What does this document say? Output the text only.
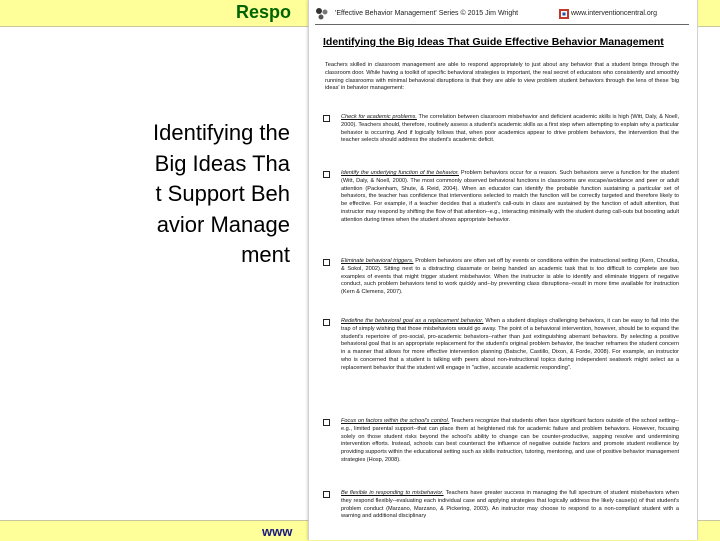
Respo
Identifying the Big Ideas That Support Behavior Management
www
'Effective Behavior Management' Series © 2015 Jim Wright	www.interventioncentral.org
Identifying the Big Ideas That Guide Effective Behavior Management
Teachers skilled in classroom management are able to respond appropriately to just about any behavior that a student brings through the classroom door. While having a toolkit of specific behavioral strategies is important, the real secret of educators who consistently and smoothly running classrooms with minimal behavioral disruptions is that they are able to view problem student behaviors through the lens of these 'big ideas' in behavior management:
Check for academic problems. The correlation between classroom misbehavior and deficient academic skills is high (Witt, Daly, & Noell, 2000). Teachers should, therefore, routinely assess a student's academic skills as a first step when attempting to explain why a particular behavior is occurring. And if logically follows that, when poor academics appear to drive problem behaviors, the intervention that the teacher selects should address the student's academic deficit.
Identify the underlying function of the behavior. Problem behaviors occur for a reason. Such behaviors serve a function for the student (Witt, Daly, & Noell, 2000). The most commonly observed behavioral functions in classrooms are escape/avoidance and peer or adult attention (Packenham, Shute, & Reid, 2004). When an educator can identify the probable function sustaining a particular set of behaviors, the teacher has confidence that interventions selected to match the function will be correctly targeted and therefore likely to be effective. For example, if a teacher decides that a student's call-outs in class are sustained by the function of adult attention, that instructor may respond by shifting the flow of that attention--e.g., interacting minimally with the student during call-outs but boosting adult attention during times when the student shows appropriate behavior.
Eliminate behavioral triggers. Problem behaviors are often set off by events or conditions within the instructional setting (Kern, Choutka, & Sokol, 2002). Sitting next to a distracting classmate or being handed an academic task that is too difficult to complete are two examples of events that might trigger student misbehavior. When the instructor is able to identify and eliminate triggers of negative conduct, such problem behaviors tend to work quickly and--by preventing class disruptions--result in more time available for instruction (Kern & Clemens, 2007).
Redefine the behavioral goal as a replacement behavior. When a student displays challenging behaviors, it can be easy to fall into the trap of simply wishing that those misbehaviors would go away. The point of a behavioral intervention, however, should be to expand the student's repertoire of pro-social, pro-academic behaviors--rather than just extinguishing aberrant behaviors. By selecting a positive behavioral goal that is an appropriate replacement for the student's original problem behavior, the teacher reframes the student concern in a manner that allows for more effective intervention planning (Batsche, Castillo, Dixon, & Forde, 2008). For example, an instructor who is concerned that a student is talking with peers about non-instructional topics during independent seatwork might select as a replacement behavior that the student will engage in "active, accurate academic responding".
Focus on factors within the school's control. Teachers recognize that students often face significant factors outside of the school setting--e.g., limited parental support--that can place them at heightened risk for academic failure and problem behaviors. However, focusing solely on those student risks beyond the school's ability to change can be counter-productive, sapping resolve and undermining intervention efforts. Instead, schools can best counteract the influence of negative outside factors and promote student resilience by providing supports within the educational setting such as skills instruction, tutoring, mentoring, and use of positive behavior management strategies (Hosp, 2008).
Be flexible in responding to misbehavior. Teachers have greater success in managing the full spectrum of student misbehaviors when they respond flexibly--evaluating each individual case and applying strategies that logically address the likely cause(s) of that student's problem conduct (Marzano, Marzano, & Pickering, 2003). An instructor may choose to respond to a non-compliant student with a warning and additional disciplinary
